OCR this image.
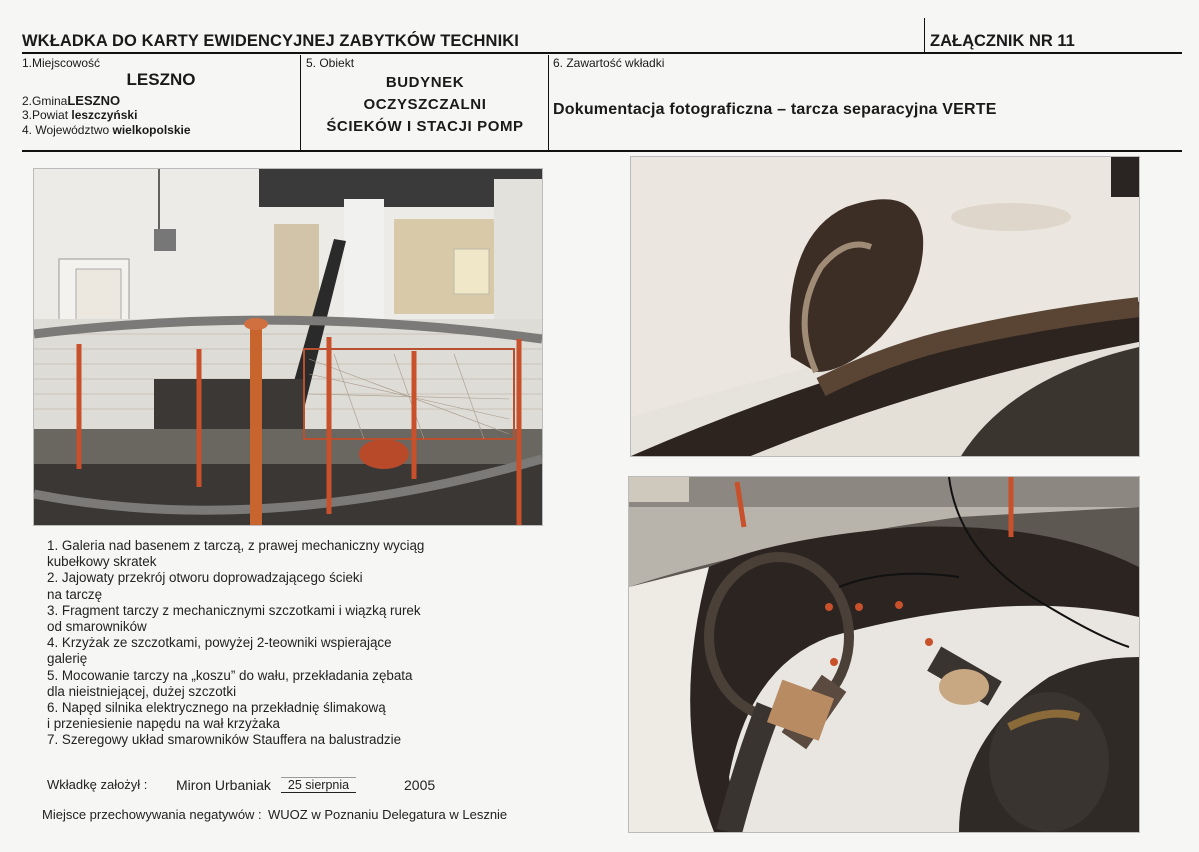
WKŁADKA DO KARTY EWIDENCYJNEJ ZABYTKÓW TECHNIKI	ZAŁĄCZNIK NR 11
1.Miejscowość
LESZNO
2.GminaLESZNO
3.Powiat leszczyński
4. Województwo wielkopolskie
5. Obiekt
BUDYNEK
OCZYSZCZALNI
ŚCIEKÓW I STACJI POMP
6. Zawartość wkładki
Dokumentacja fotograficzna – tarcza separacyjna VERTE
1. Galeria nad basenem z tarczą, z prawej mechaniczny wyciąg
kubełkowy skratek
2. Jajowaty przekrój otworu doprowadzającego ścieki
na tarczę
3. Fragment tarczy z mechanicznymi szczotkami i wiązką rurek
od smarowników
4. Krzyżak ze szczotkami, powyżej 2-teowniki wspierające
galerię
5. Mocowanie tarczy na „koszu” do wału, przekładania zębata
dla nieistniejącej, dużej szczotki
6. Napęd silnika elektrycznego na przekładnię ślimakową
i przeniesienie napędu na wał krzyżaka
7. Szeregowy układ smarowników Stauffera na balustradzie
Wkładkę założył : Miron Urbaniak	25 sierpnia	2005
Miejsce przechowywania negatywów : WUOZ w Poznaniu Delegatura w Lesznie
